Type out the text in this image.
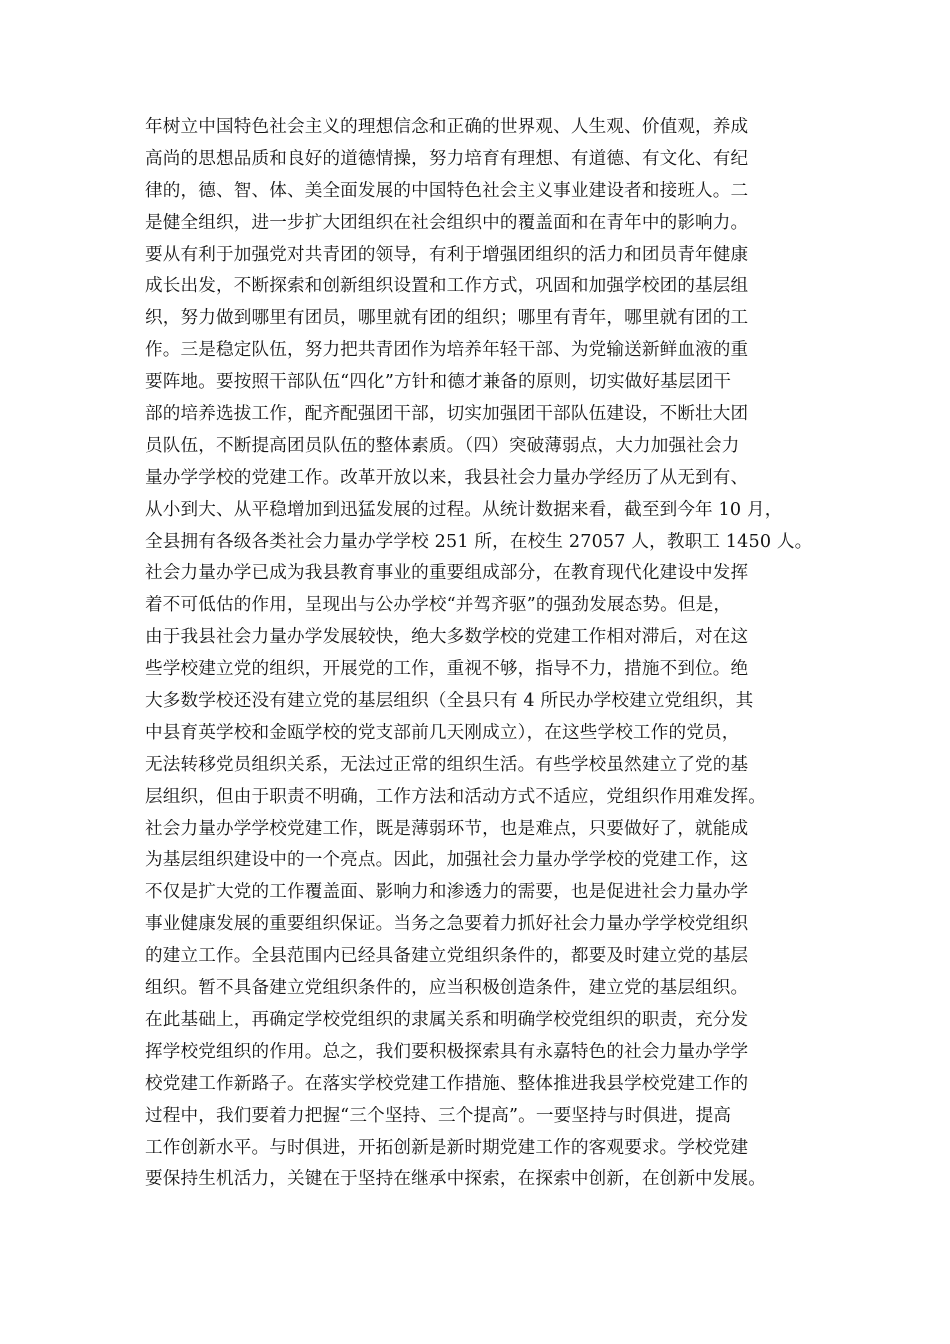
年树立中国特色社会主义的理想信念和正确的世界观、人生观、价值观，养成
高尚的思想品质和良好的道德情操，努力培育有理想、有道德、有文化、有纪
律的，德、智、体、美全面发展的中国特色社会主义事业建设者和接班人。二
是健全组织，进一步扩大团组织在社会组织中的覆盖面和在青年中的影响力。
要从有利于加强党对共青团的领导，有利于增强团组织的活力和团员青年健康
成长出发，不断探索和创新组织设置和工作方式，巩固和加强学校团的基层组
织，努力做到哪里有团员，哪里就有团的组织；哪里有青年，哪里就有团的工
作。三是稳定队伍，努力把共青团作为培养年轻干部、为党输送新鲜血液的重
要阵地。要按照干部队伍“四化”方针和德才兼备的原则，切实做好基层团干
部的培养选拔工作，配齐配强团干部，切实加强团干部队伍建设，不断壮大团
员队伍，不断提高团员队伍的整体素质。（四）突破薄弱点，大力加强社会力
量办学学校的党建工作。改革开放以来，我县社会力量办学经历了从无到有、
从小到大、从平稳增加到迅猛发展的过程。从统计数据来看，截至到今年 10 月，
全县拥有各级各类社会力量办学学校 251 所，在校生 27057 人，教职工 1450 人。
社会力量办学已成为我县教育事业的重要组成部分，在教育现代化建设中发挥
着不可低估的作用，呈现出与公办学校“并驾齐驱”的强劲发展态势。但是，
由于我县社会力量办学发展较快，绝大多数学校的党建工作相对滞后，对在这
些学校建立党的组织，开展党的工作，重视不够，指导不力，措施不到位。绝
大多数学校还没有建立党的基层组织（全县只有 4 所民办学校建立党组织，其
中县育英学校和金瓯学校的党支部前几天刚成立），在这些学校工作的党员，
无法转移党员组织关系，无法过正常的组织生活。有些学校虽然建立了党的基
层组织，但由于职责不明确，工作方法和活动方式不适应，党组织作用难发挥。
社会力量办学学校党建工作，既是薄弱环节，也是难点，只要做好了，就能成
为基层组织建设中的一个亮点。因此，加强社会力量办学学校的党建工作，这
不仅是扩大党的工作覆盖面、影响力和渗透力的需要，也是促进社会力量办学
事业健康发展的重要组织保证。当务之急要着力抓好社会力量办学学校党组织
的建立工作。全县范围内已经具备建立党组织条件的，都要及时建立党的基层
组织。暂不具备建立党组织条件的，应当积极创造条件，建立党的基层组织。
在此基础上，再确定学校党组织的隶属关系和明确学校党组织的职责，充分发
挥学校党组织的作用。总之，我们要积极探索具有永嘉特色的社会力量办学学
校党建工作新路子。在落实学校党建工作措施、整体推进我县学校党建工作的
过程中，我们要着力把握“三个坚持、三个提高”。一要坚持与时俱进，提高
工作创新水平。与时俱进，开拓创新是新时期党建工作的客观要求。学校党建
要保持生机活力，关键在于坚持在继承中探索，在探索中创新，在创新中发展。
